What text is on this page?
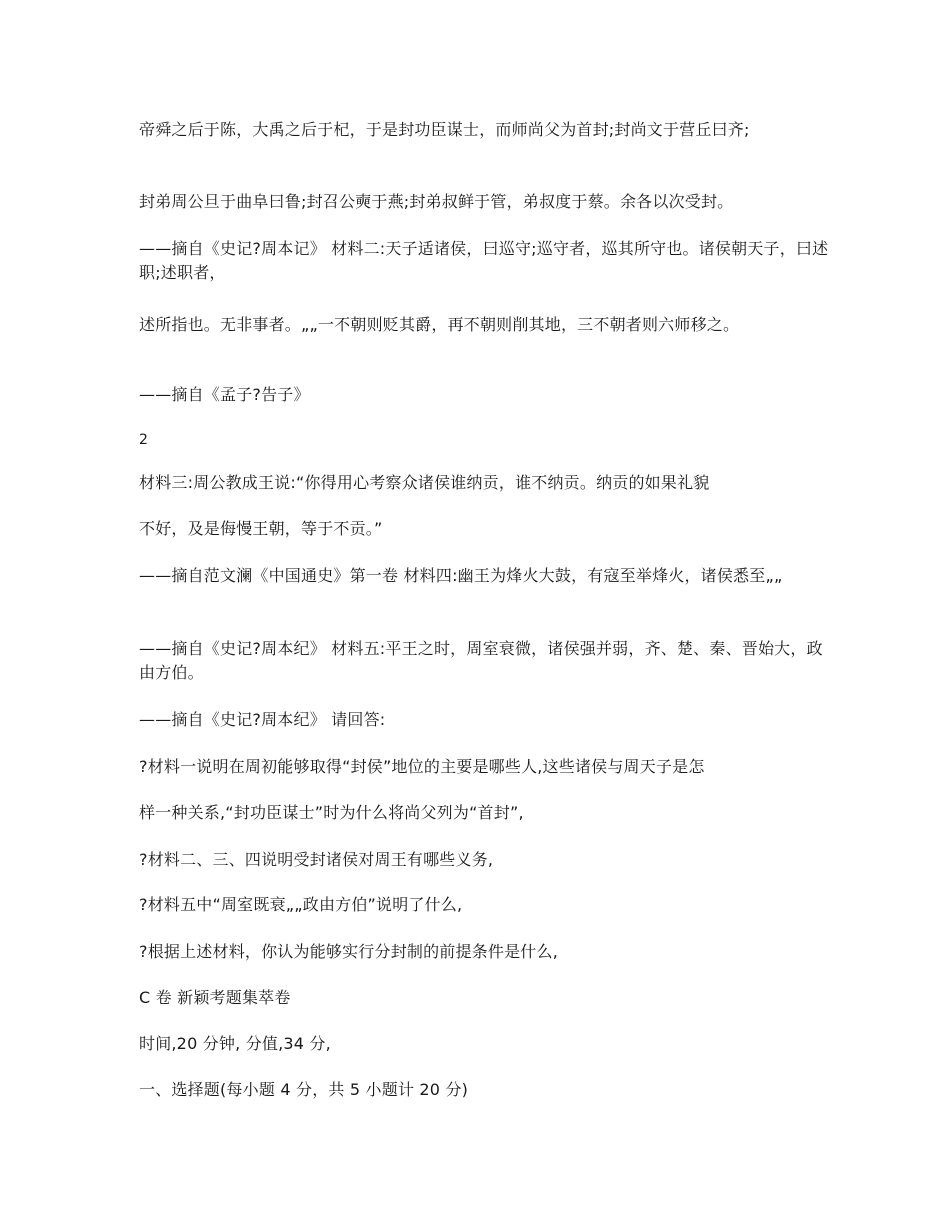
帝舜之后于陈，大禹之后于杞，于是封功臣谋士，而师尚父为首封;封尚文于营丘曰齐;
封弟周公旦于曲阜曰鲁;封召公奭于燕;封弟叔鲜于管，弟叔度于蔡。余各以次受封。
——摘自《史记?周本记》 材料二:天子适诸侯，曰巡守;巡守者，巡其所守也。诸侯朝天子，曰述职;述职者，
述所指也。无非事者。„„一不朝则贬其爵，再不朝则削其地，三不朝者则六师移之。
——摘自《孟子?告子》
2
材料三:周公教成王说:“你得用心考察众诸侯谁纳贡，谁不纳贡。纳贡的如果礼貌
不好，及是侮慢王朝，等于不贡。”
——摘自范文澜《中国通史》第一卷 材料四:幽王为烽火大鼓，有寇至举烽火，诸侯悉至„„
——摘自《史记?周本纪》 材料五:平王之时，周室衰微，诸侯强并弱，齐、楚、秦、晋始大，政由方伯。
——摘自《史记?周本纪》 请回答:
?材料一说明在周初能够取得“封侯”地位的主要是哪些人,这些诸侯与周天子是怎
样一种关系,“封功臣谋士”时为什么将尚父列为“首封”,
?材料二、三、四说明受封诸侯对周王有哪些义务,
?材料五中“周室既衰„„政由方伯”说明了什么,
?根据上述材料，你认为能够实行分封制的前提条件是什么,
C 卷 新颖考题集萃卷
时间,20 分钟, 分值,34 分,
一、选择题(每小题 4 分，共 5 小题计 20 分)
